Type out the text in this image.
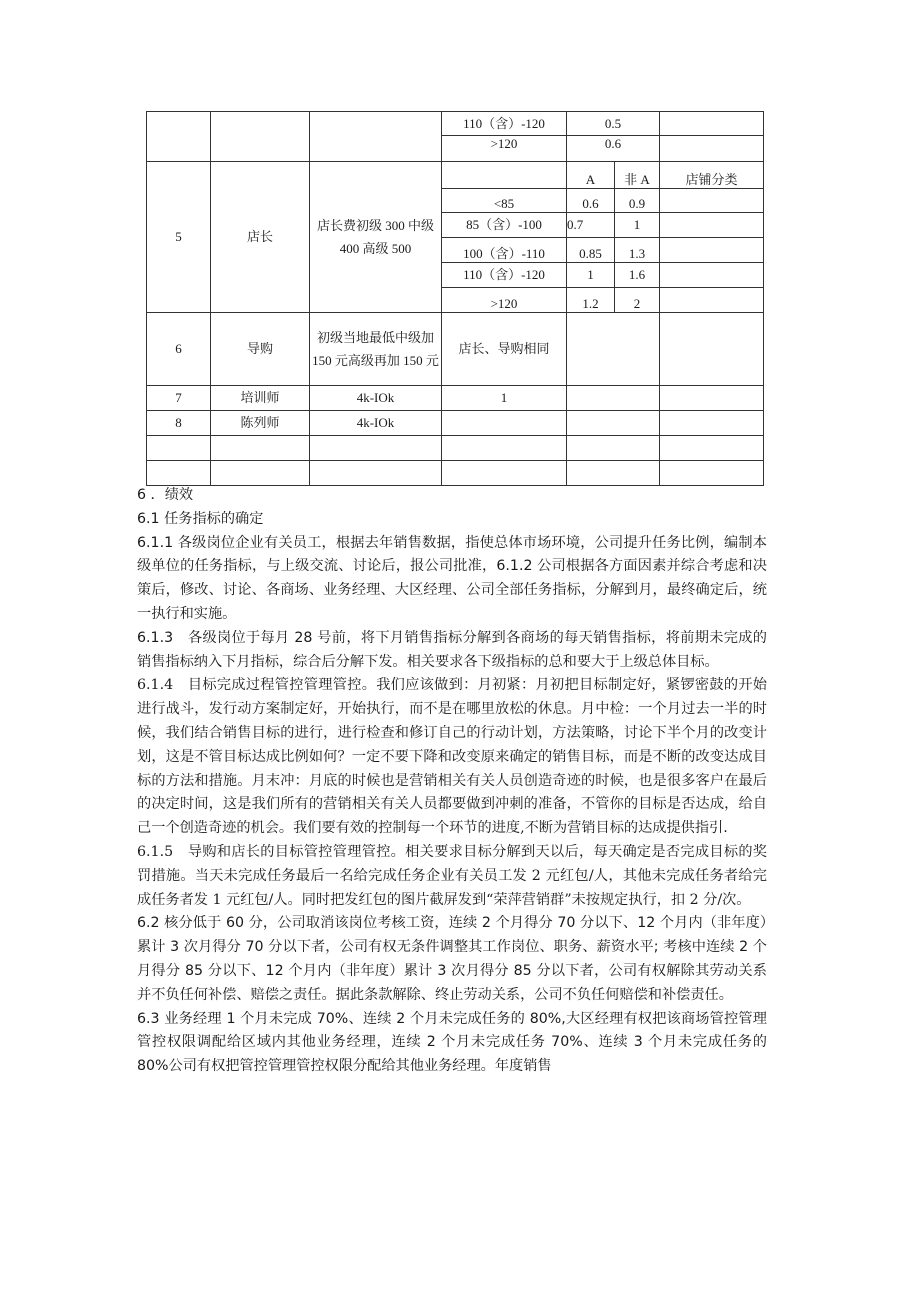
			110（含）-120	0.5		
			>120	0.6		
5	店长	店长费初级 300 中级 400 高级 500		A	非 A	店铺分类
			<85	0.6	0.9	
			85（含）-100	0.7	1	
			100（含）-110	0.85	1.3	
			110（含）-120	1	1.6	
			>120	1.2	2	
6	导购	初级当地最低中级加 150 元高级再加 150 元	店长、导购相同			
7	培训师	4k-IOk	1			
8	陈列师	4k-IOk				

6 ．绩效

6.1 任务指标的确定

6.1.1 各级岗位企业有关员工，根据去年销售数据，指使总体市场环境，公司提升任务比例，编制本级单位的任务指标，与上级交流、讨论后，报公司批准，6.1.2 公司根据各方面因素并综合考虑和决策后，修改、讨论、各商场、业务经理、大区经理、公司全部任务指标，分解到月，最终确定后，统一执行和实施。

6.1.3　各级岗位于每月 28 号前，将下月销售指标分解到各商场的每天销售指标，将前期未完成的销售指标纳入下月指标，综合后分解下发。相关要求各下级指标的总和要大于上级总体目标。

6.1.4　目标完成过程管控管理管控。我们应该做到：月初紧：月初把目标制定好，紧锣密鼓的开始进行战斗，发行动方案制定好，开始执行，而不是在哪里放松的休息。月中检：一个月过去一半的时候，我们结合销售目标的进行，进行检查和修订自己的行动计划，方法策略，讨论下半个月的改变计划，这是不管目标达成比例如何？一定不要下降和改变原来确定的销售目标，而是不断的改变达成目标的方法和措施。月末冲：月底的时候也是营销相关有关人员创造奇迹的时候，也是很多客户在最后的决定时间，这是我们所有的营销相关有关人员都要做到冲刺的准备，不管你的目标是否达成，给自己一个创造奇迹的机会。我们要有效的控制每一个环节的进度,不断为营销目标的达成提供指引.

6.1.5　导购和店长的目标管控管理管控。相关要求目标分解到天以后，每天确定是否完成目标的奖罚措施。当天未完成任务最后一名给完成任务企业有关员工发 2 元红包/人，其他未完成任务者给完成任务者发 1 元红包/人。同时把发红包的图片截屏发到“荣萍营销群”未按规定执行，扣 2 分/次。

6.2 核分低于 60 分，公司取消该岗位考核工资，连续 2 个月得分 70 分以下、12 个月内（非年度）累计 3 次月得分 70 分以下者，公司有权无条件调整其工作岗位、职务、薪资水平; 考核中连续 2 个月得分 85 分以下、12 个月内（非年度）累计 3 次月得分 85 分以下者，公司有权解除其劳动关系并不负任何补偿、赔偿之责任。据此条款解除、终止劳动关系，公司不负任何赔偿和补偿责任。

6.3 业务经理 1 个月未完成 70%、连续 2 个月未完成任务的 80%,大区经理有权把该商场管控管理管控权限调配给区域内其他业务经理，连续 2 个月未完成任务 70%、连续 3 个月未完成任务的 80%公司有权把管控管理管控权限分配给其他业务经理。年度销售
